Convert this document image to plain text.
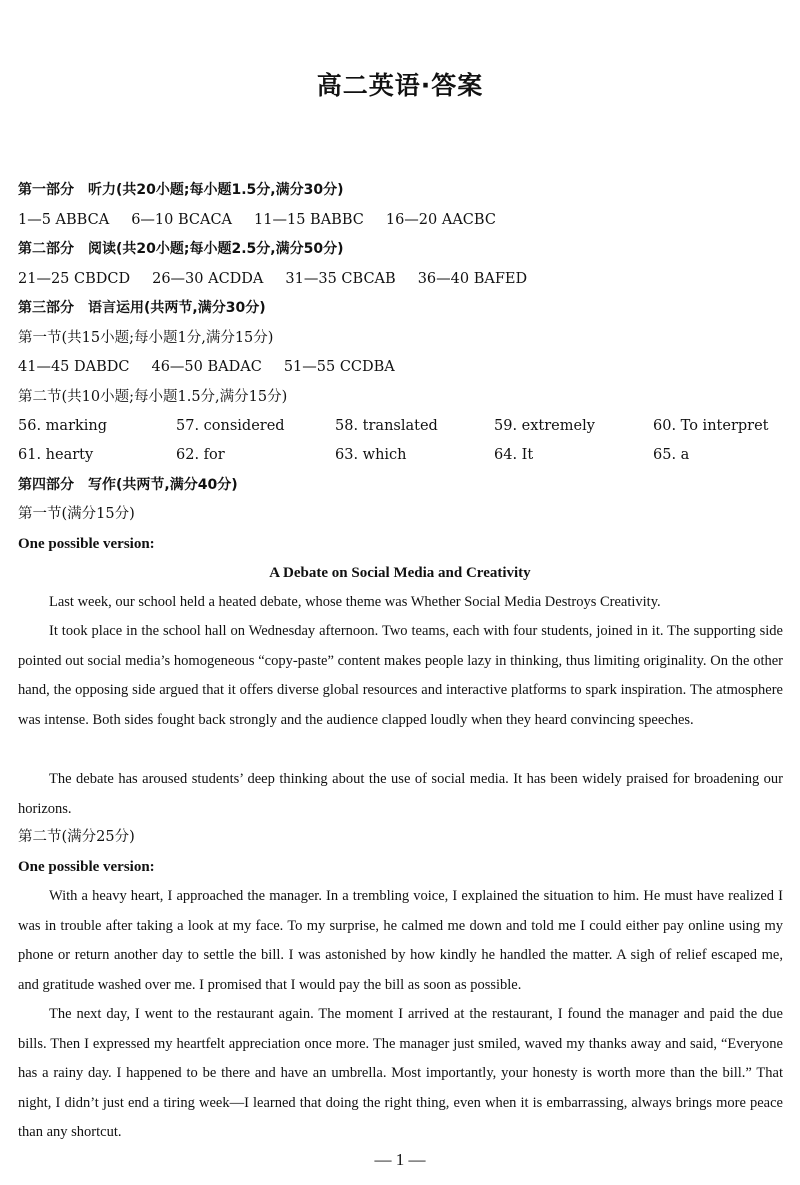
高二英语·答案
第一部分　听力(共20小题;每小题1.5分,满分30分)
1—5 ABBCA 6—10 BCACA 11—15 BABBC 16—20 AACBC
第二部分　阅读(共20小题;每小题2.5分,满分50分)
21—25 CBDCD 26—30 ACDDA 31—35 CBCAB 36—40 BAFED
第三部分　语言运用(共两节,满分30分)
第一节(共15小题;每小题1分,满分15分)
41—45 DABDC 46—50 BADAC 51—55 CCDBA
第二节(共10小题;每小题1.5分,满分15分)
56. marking	57. considered	58. translated	59. extremely	60. To interpret
61. hearty	62. for	63. which	64. It	65. a
第四部分　写作(共两节,满分40分)
第一节(满分15分)
One possible version:
A Debate on Social Media and Creativity

Last week, our school held a heated debate, whose theme was Whether Social Media Destroys Creativity.

It took place in the school hall on Wednesday afternoon. Two teams, each with four students, joined in it. The supporting side pointed out social media’s homogeneous “copy-paste” content makes people lazy in thinking, thus limiting originality. On the other hand, the opposing side argued that it offers diverse global resources and interactive platforms to spark inspiration. The atmosphere was intense. Both sides fought back strongly and the audience clapped loudly when they heard convincing speeches.

The debate has aroused students’ deep thinking about the use of social media. It has been widely praised for broadening our horizons.

第二节(满分25分)
One possible version:

With a heavy heart, I approached the manager. In a trembling voice, I explained the situation to him. He must have realized I was in trouble after taking a look at my face. To my surprise, he calmed me down and told me I could either pay online using my phone or return another day to settle the bill. I was astonished by how kindly he handled the matter. A sigh of relief escaped me, and gratitude washed over me. I promised that I would pay the bill as soon as possible.

The next day, I went to the restaurant again. The moment I arrived at the restaurant, I found the manager and paid the due bills. Then I expressed my heartfelt appreciation once more. The manager just smiled, waved my thanks away and said, “Everyone has a rainy day. I happened to be there and have an umbrella. Most importantly, your honesty is worth more than the bill.” That night, I didn’t just end a tiring week—I learned that doing the right thing, even when it is embarrassing, always brings more peace than any shortcut.

— 1 —
